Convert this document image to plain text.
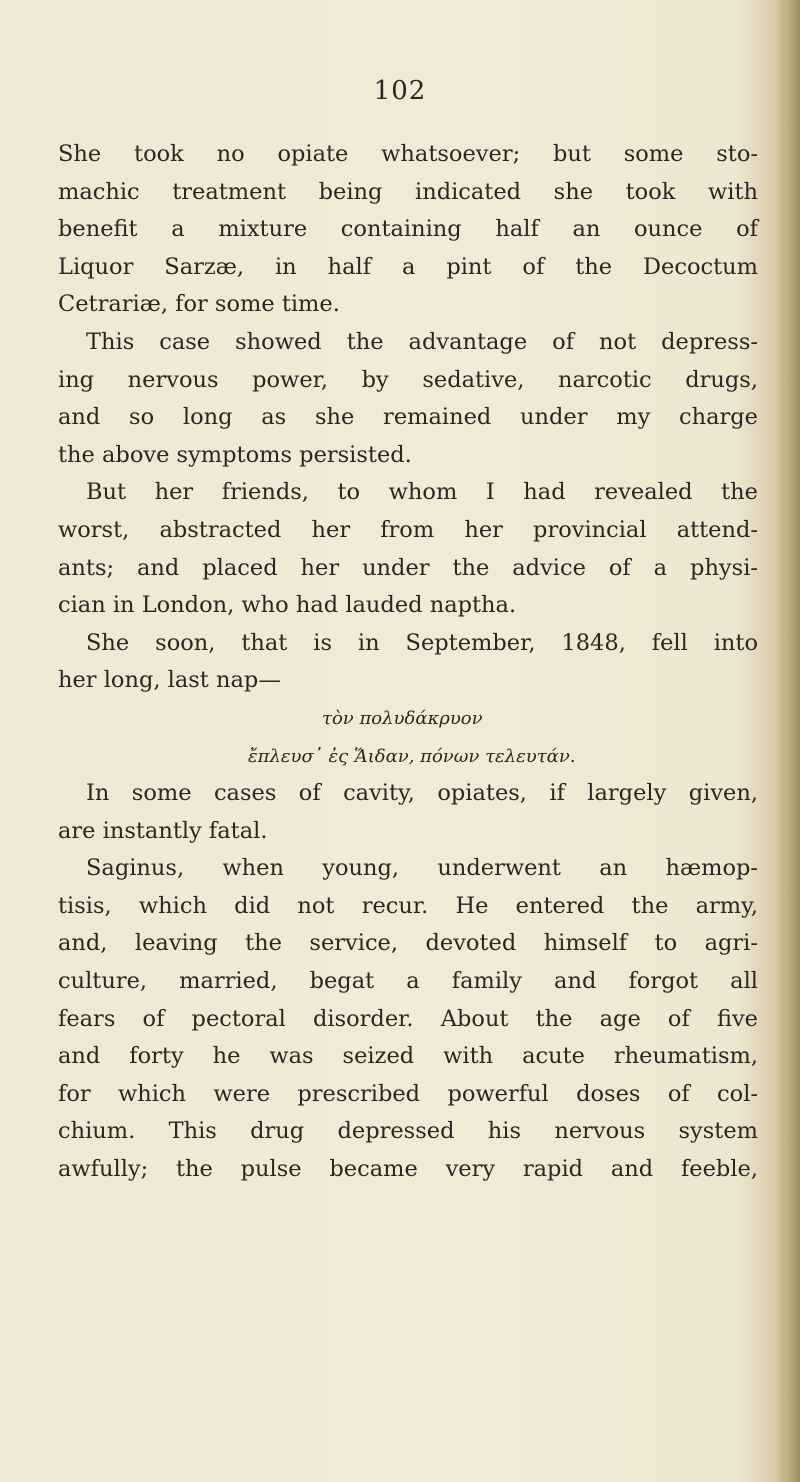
102
She took no opiate whatsoever; but some sto-
machic treatment being indicated she took with
benefit a mixture containing half an ounce of
Liquor Sarzæ, in half a pint of the Decoctum
Cetrariæ, for some time.
This case showed the advantage of not depress-
ing nervous power, by sedative, narcotic drugs,
and so long as she remained under my charge
the above symptoms persisted.
But her friends, to whom I had revealed the
worst, abstracted her from her provincial attend-
ants; and placed her under the advice of a physi-
cian in London, who had lauded naptha.
She soon, that is in September, 1848, fell into
her long, last nap—
τὸν πολυδάκρυον
ἔπλευσ᾽ ἐς Ἅιδαν, πόνων τελευτάν.
In some cases of cavity, opiates, if largely given,
are instantly fatal.
Saginus, when young, underwent an hæmop-
tisis, which did not recur. He entered the army,
and, leaving the service, devoted himself to agri-
culture, married, begat a family and forgot all
fears of pectoral disorder. About the age of five
and forty he was seized with acute rheumatism,
for which were prescribed powerful doses of col-
chium. This drug depressed his nervous system
awfully; the pulse became very rapid and feeble,
